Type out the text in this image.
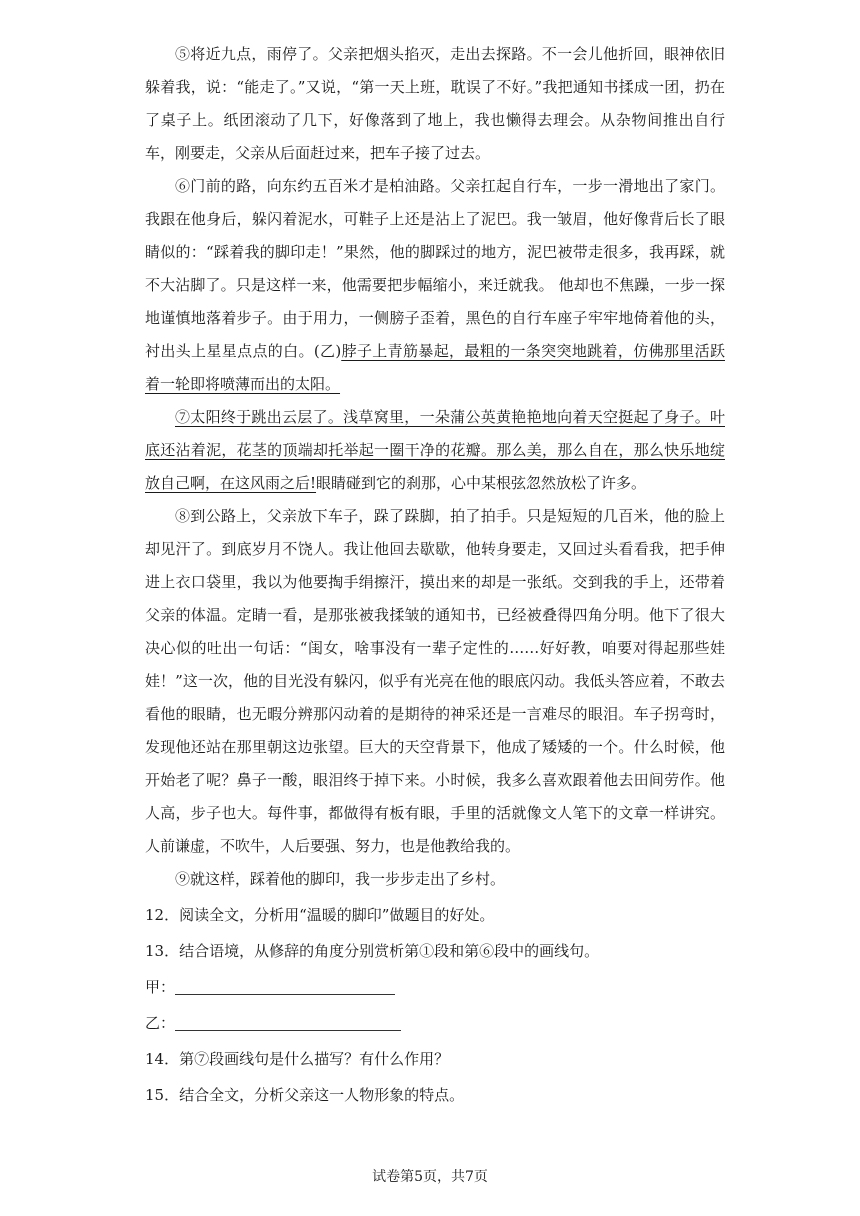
⑤将近九点，雨停了。父亲把烟头掐灭，走出去探路。不一会儿他折回，眼神依旧躲着我，说：“能走了。”又说，“第一天上班，耽误了不好。”我把通知书揉成一团，扔在了桌子上。纸团滚动了几下，好像落到了地上，我也懒得去理会。从杂物间推出自行车，刚要走，父亲从后面赶过来，把车子接了过去。

⑥门前的路，向东约五百米才是柏油路。父亲扛起自行车，一步一滑地出了家门。我跟在他身后，躲闪着泥水，可鞋子上还是沾上了泥巴。我一皱眉，他好像背后长了眼睛似的：“踩着我的脚印走！”果然，他的脚踩过的地方，泥巴被带走很多，我再踩，就不大沾脚了。只是这样一来，他需要把步幅缩小，来迁就我。 他却也不焦躁，一步一探地谨慎地落着步子。由于用力，一侧膀子歪着，黑色的自行车座子牢牢地倚着他的头，衬出头上星星点点的白。(乙)脖子上青筋暴起，最粗的一条突突地跳着，仿佛那里活跃着一轮即将喷薄而出的太阳。

⑦太阳终于跳出云层了。浅草窝里，一朵蒲公英黄艳艳地向着天空挺起了身子。叶底还沾着泥，花茎的顶端却托举起一圈干净的花瓣。那么美，那么自在，那么快乐地绽放自己啊，在这风雨之后!眼睛碰到它的刹那，心中某根弦忽然放松了许多。

⑧到公路上，父亲放下车子，跺了跺脚，拍了拍手。只是短短的几百米，他的脸上却见汗了。到底岁月不饶人。我让他回去歇歇，他转身要走，又回过头看看我，把手伸进上衣口袋里，我以为他要掏手绢擦汗，摸出来的却是一张纸。交到我的手上，还带着父亲的体温。定睛一看，是那张被我揉皱的通知书，已经被叠得四角分明。他下了很大决心似的吐出一句话：“闺女，啥事没有一辈子定性的……好好教，咱要对得起那些娃娃！”这一次，他的目光没有躲闪，似乎有光亮在他的眼底闪动。我低头答应着，不敢去看他的眼睛，也无暇分辨那闪动着的是期待的神采还是一言难尽的眼泪。车子拐弯时，发现他还站在那里朝这边张望。巨大的天空背景下，他成了矮矮的一个。什么时候，他开始老了呢？鼻子一酸，眼泪终于掉下来。小时候，我多么喜欢跟着他去田间劳作。他人高，步子也大。每件事，都做得有板有眼，手里的活就像文人笔下的文章一样讲究。人前谦虚，不吹牛，人后要强、努力，也是他教给我的。

⑨就这样，踩着他的脚印，我一步步走出了乡村。

12．阅读全文，分析用“温暖的脚印”做题目的好处。

13．结合语境，从修辞的角度分别赏析第①段和第⑥段中的画线句。

甲：

乙：

14．第⑦段画线句是什么描写？有什么作用？

15．结合全文，分析父亲这一人物形象的特点。

试卷第5页，共7页
